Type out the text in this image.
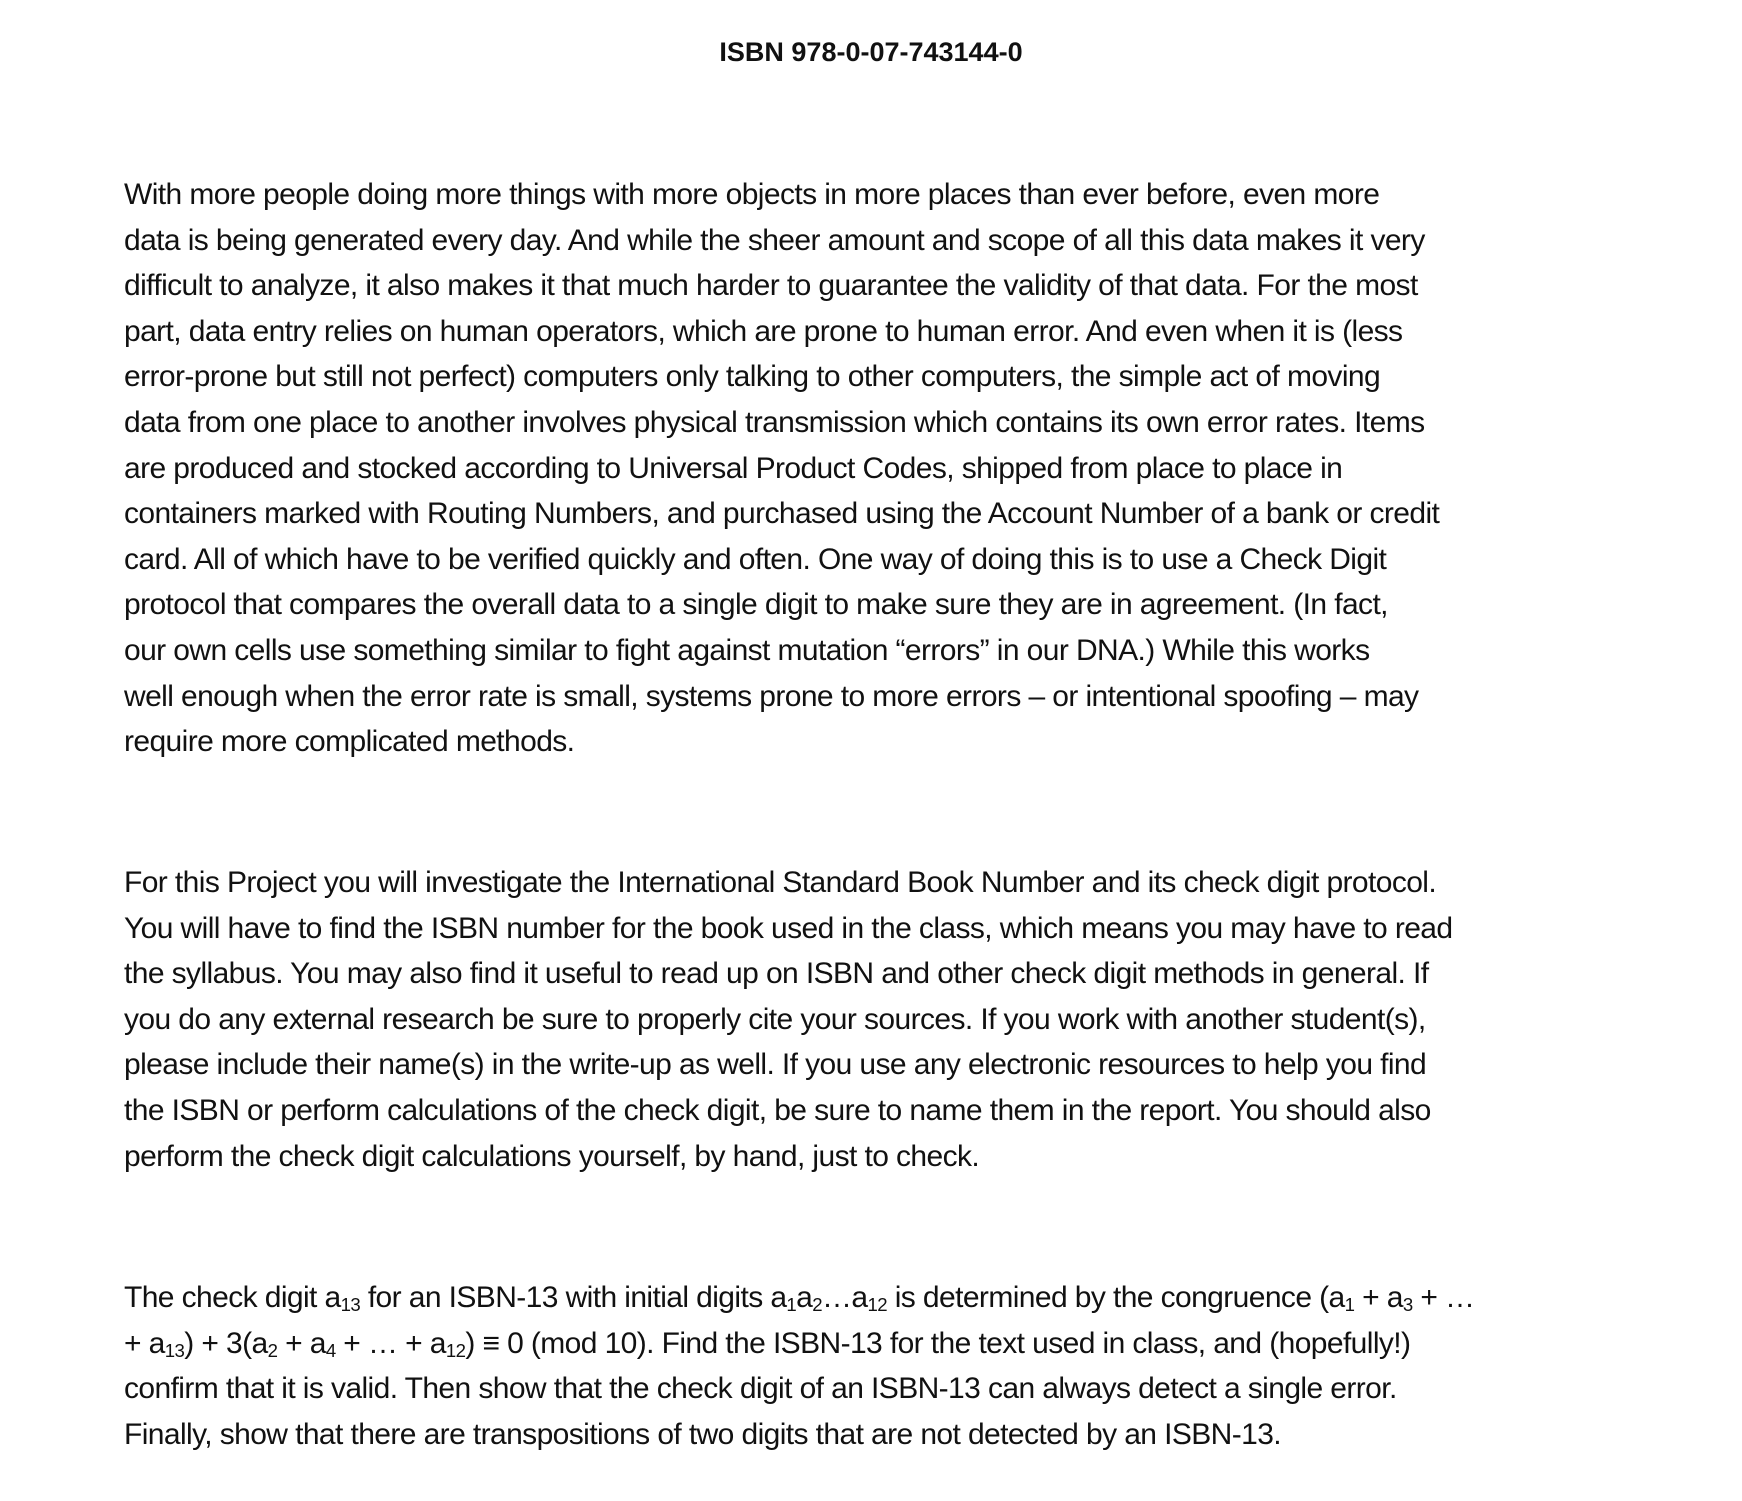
ISBN 978-0-07-743144-0

With more people doing more things with more objects in more places than ever before, even more
data is being generated every day. And while the sheer amount and scope of all this data makes it very
difficult to analyze, it also makes it that much harder to guarantee the validity of that data. For the most
part, data entry relies on human operators, which are prone to human error. And even when it is (less
error-prone but still not perfect) computers only talking to other computers, the simple act of moving
data from one place to another involves physical transmission which contains its own error rates. Items
are produced and stocked according to Universal Product Codes, shipped from place to place in
containers marked with Routing Numbers, and purchased using the Account Number of a bank or credit
card. All of which have to be verified quickly and often. One way of doing this is to use a Check Digit
protocol that compares the overall data to a single digit to make sure they are in agreement. (In fact,
our own cells use something similar to fight against mutation “errors” in our DNA.) While this works
well enough when the error rate is small, systems prone to more errors – or intentional spoofing – may
require more complicated methods.

For this Project you will investigate the International Standard Book Number and its check digit protocol.
You will have to find the ISBN number for the book used in the class, which means you may have to read
the syllabus. You may also find it useful to read up on ISBN and other check digit methods in general. If
you do any external research be sure to properly cite your sources. If you work with another student(s),
please include their name(s) in the write-up as well. If you use any electronic resources to help you find
the ISBN or perform calculations of the check digit, be sure to name them in the report. You should also
perform the check digit calculations yourself, by hand, just to check.

The check digit $a_{13}$ for an ISBN-13 with initial digits $a_1a_2\dots a_{12}$ is determined by the congruence ($a_1 + a_3$ + …
+ $a_{13}) + 3(a_2 + a_4$ + … + $a_{12}) \equiv 0$ (mod 10). Find the ISBN-13 for the text used in class, and (hopefully!)
confirm that it is valid. Then show that the check digit of an ISBN-13 can always detect a single error.
Finally, show that there are transpositions of two digits that are not detected by an ISBN-13.
